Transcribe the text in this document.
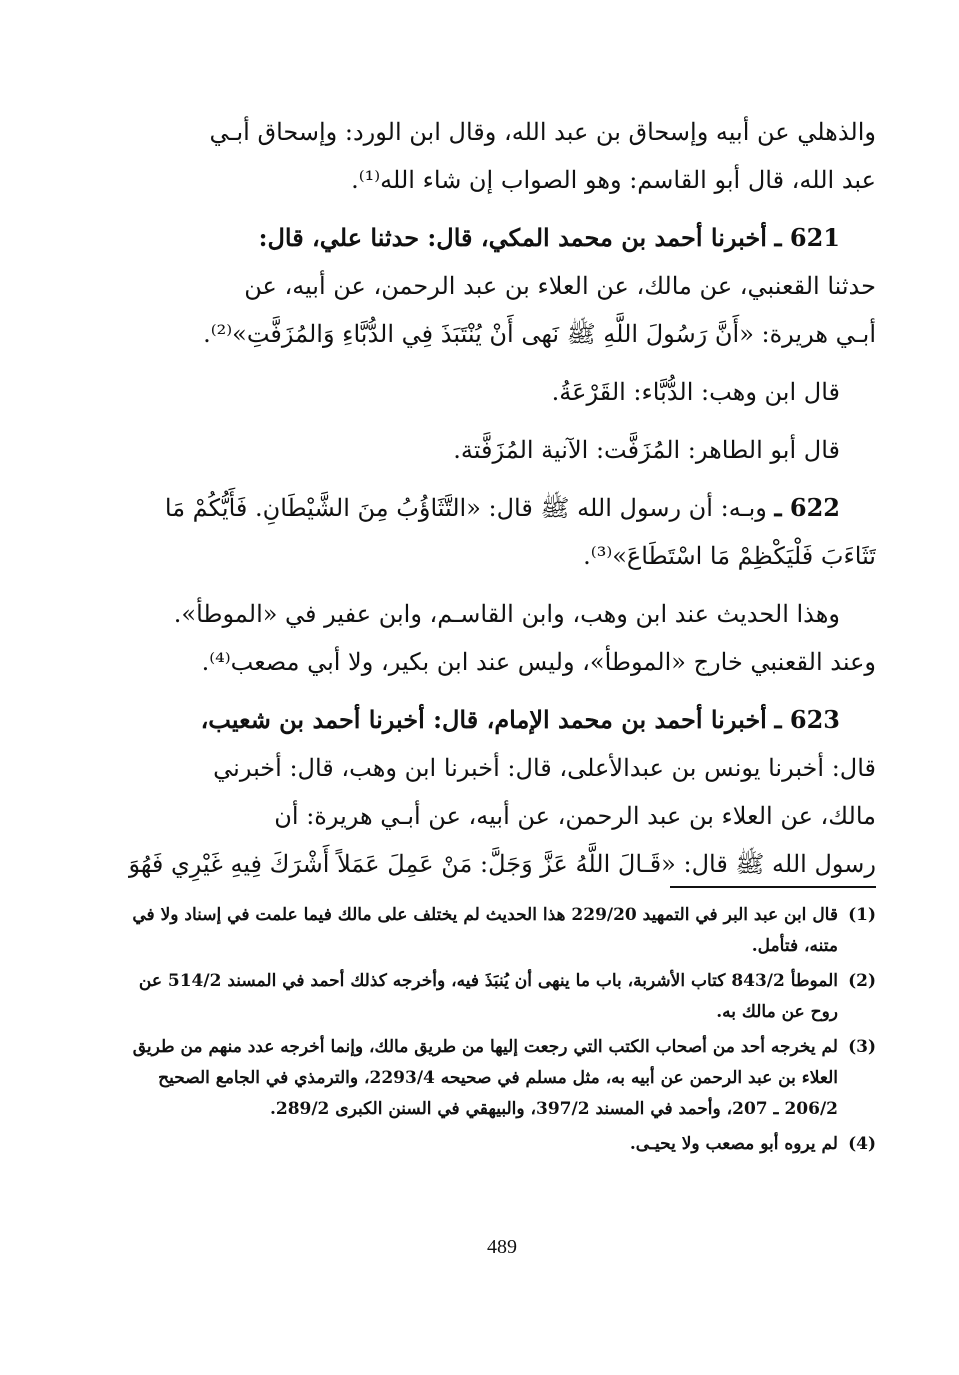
والذهلي عن أبيه وإسحاق بن عبد الله، وقال ابن الورد: وإسحاق أبـي
عبد الله، قال أبو القاسم: وهو الصواب إن شاء الله⁽¹⁾.

621 ـ أخبرنا أحمد بن محمد المكي، قال: حدثنا علي، قال:

حدثنا القعنبي، عن مالك، عن العلاء بن عبد الرحمن، عن أبيه، عن
أبـي هريرة: «أَنَّ رَسُولَ اللَّهِ ﷺ نَهى أَنْ يُنْتَبَذَ فِي الدُّبَّاءِ وَالمُزَفَّتِ»⁽²⁾.

قال ابن وهب: الدُّبَّاء: القَرْعَةُ.

قال أبو الطاهر: المُزَفَّت: الآنية المُزَفَّتة.

622 ـ وبـه: أن رسول الله ﷺ قال: «التَّثَاؤُبُ مِنَ الشَّيْطَانِ. فَأَيُّكُمْ مَا

تَثَاءَبَ فَلْيَكْظِمْ مَا اسْتَطَاعَ»⁽³⁾.

وهذا الحديث عند ابن وهب، وابن القاسـم، وابن عفير في «الموطأ».

وعند القعنبي خارج «الموطأ»، وليس عند ابن بكير، ولا أبي مصعب⁽⁴⁾.

623 ـ أخبرنا أحمد بن محمد الإمام، قال: أخبرنا أحمد بن شعيب،

قال: أخبرنا يونس بن عبدالأعلى، قال: أخبرنا ابن وهب، قال: أخبرني
مالك، عن العلاء بن عبد الرحمن، عن أبيه، عن أبـي هريرة: أن
رسول الله ﷺ قال: «قَـالَ اللَّهُ عَزَّ وَجَلَّ: مَنْ عَمِلَ عَمَلاً أَشْرَكَ فِيهِ غَيْرِي فَهُوَ

(1)
قال ابن عبد البر في التمهيد 229/20 هذا الحديث لم يختلف على مالك فيما علمت في إسناد ولا في متنه، فتأمل.
(2)
الموطأ 843/2 كتاب الأشربة، باب ما ينهى أن يُنبَذَ فيه، وأخرجه كذلك أحمد في المسند 514/2 عن روح عن مالك به.
(3)
لم يخرجه أحد من أصحاب الكتب التي رجعت إليها من طريق مالك، وإنما أخرجه عدد منهم من طريق العلاء بن عبد الرحمن عن أبيه به، مثل مسلم في صحيحه 2293/4، والترمذي في الجامع الصحيح 206/2 ـ 207، وأحمد في المسند 397/2، والبيهقي في السنن الكبرى 289/2.
(4)
لم يروه أبو مصعب ولا يحيـى.
489
